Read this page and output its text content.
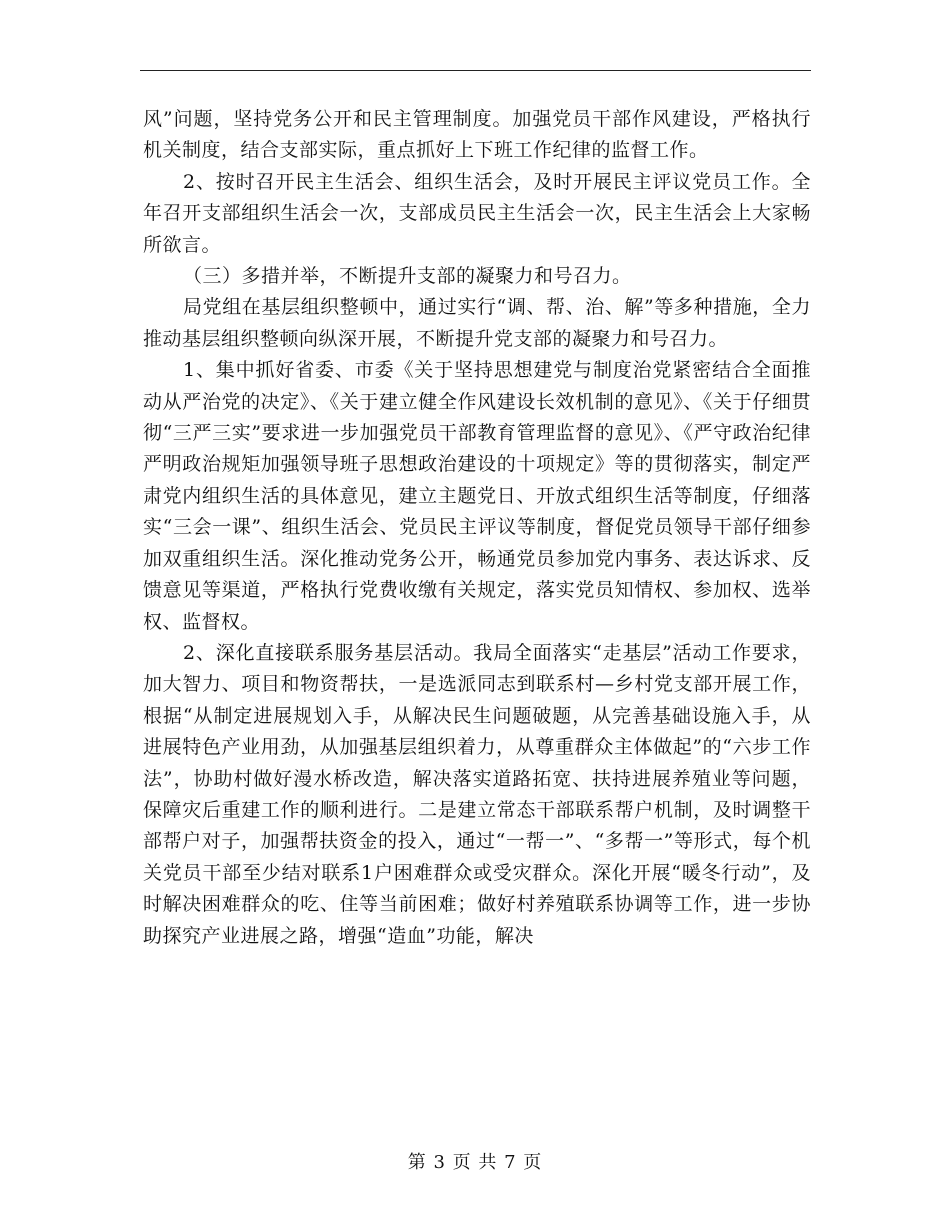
风”问题，坚持党务公开和民主管理制度。加强党员干部作风建设，严格执行机关制度，结合支部实际，重点抓好上下班工作纪律的监督工作。

2、按时召开民主生活会、组织生活会，及时开展民主评议党员工作。全年召开支部组织生活会一次，支部成员民主生活会一次，民主生活会上大家畅所欲言。

（三）多措并举，不断提升支部的凝聚力和号召力。

局党组在基层组织整顿中，通过实行“调、帮、治、解”等多种措施，全力推动基层组织整顿向纵深开展，不断提升党支部的凝聚力和号召力。

1、集中抓好省委、市委《关于坚持思想建党与制度治党紧密结合全面推动从严治党的决定》、《关于建立健全作风建设长效机制的意见》、《关于仔细贯彻“三严三实”要求进一步加强党员干部教育管理监督的意见》、《严守政治纪律严明政治规矩加强领导班子思想政治建设的十项规定》等的贯彻落实，制定严肃党内组织生活的具体意见，建立主题党日、开放式组织生活等制度，仔细落实“三会一课”、组织生活会、党员民主评议等制度，督促党员领导干部仔细参加双重组织生活。深化推动党务公开，畅通党员参加党内事务、表达诉求、反馈意见等渠道，严格执行党费收缴有关规定，落实党员知情权、参加权、选举权、监督权。

2、深化直接联系服务基层活动。我局全面落实“走基层”活动工作要求，加大智力、项目和物资帮扶，一是选派同志到联系村—乡村党支部开展工作，根据“从制定进展规划入手，从解决民生问题破题，从完善基础设施入手，从进展特色产业用劲，从加强基层组织着力，从尊重群众主体做起”的“六步工作法”，协助村做好漫水桥改造，解决落实道路拓宽、扶持进展养殖业等问题，保障灾后重建工作的顺利进行。二是建立常态干部联系帮户机制，及时调整干部帮户对子，加强帮扶资金的投入，通过“一帮一”、“多帮一”等形式，每个机关党员干部至少结对联系1户困难群众或受灾群众。深化开展“暖冬行动”，及时解决困难群众的吃、住等当前困难；做好村养殖联系协调等工作，进一步协助探究产业进展之路，增强“造血”功能，解决

第 3 页 共 7 页
